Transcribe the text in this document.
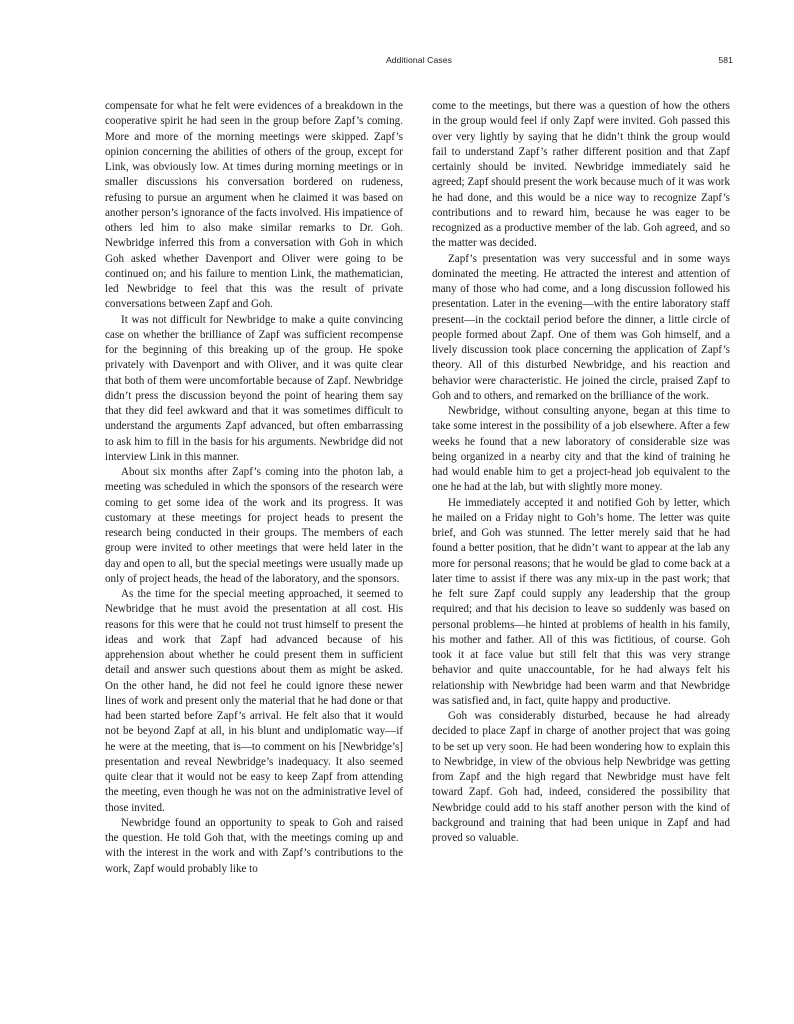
Additional Cases	581

compensate for what he felt were evidences of a breakdown in the cooperative spirit he had seen in the group before Zapf’s coming. More and more of the morning meetings were skipped. Zapf’s opinion concerning the abilities of others of the group, except for Link, was obviously low. At times during morning meetings or in smaller discussions his conversation bordered on rudeness, refusing to pursue an argument when he claimed it was based on another person’s ignorance of the facts involved. His impatience of others led him to also make similar remarks to Dr. Goh. Newbridge inferred this from a conversation with Goh in which Goh asked whether Davenport and Oliver were going to be continued on; and his failure to mention Link, the mathematician, led Newbridge to feel that this was the result of private conversations between Zapf and Goh.

It was not difficult for Newbridge to make a quite convincing case on whether the brilliance of Zapf was sufficient recompense for the beginning of this breaking up of the group. He spoke privately with Davenport and with Oliver, and it was quite clear that both of them were uncomfortable because of Zapf. Newbridge didn’t press the discussion beyond the point of hearing them say that they did feel awkward and that it was sometimes difficult to understand the arguments Zapf advanced, but often embarrassing to ask him to fill in the basis for his arguments. Newbridge did not interview Link in this manner.

About six months after Zapf’s coming into the photon lab, a meeting was scheduled in which the sponsors of the research were coming to get some idea of the work and its progress. It was customary at these meetings for project heads to present the research being conducted in their groups. The members of each group were invited to other meetings that were held later in the day and open to all, but the special meetings were usually made up only of project heads, the head of the laboratory, and the sponsors.

As the time for the special meeting approached, it seemed to Newbridge that he must avoid the presentation at all cost. His reasons for this were that he could not trust himself to present the ideas and work that Zapf had advanced because of his apprehension about whether he could present them in sufficient detail and answer such questions about them as might be asked. On the other hand, he did not feel he could ignore these newer lines of work and present only the material that he had done or that had been started before Zapf’s arrival. He felt also that it would not be beyond Zapf at all, in his blunt and undiplomatic way—if he were at the meeting, that is—to comment on his [Newbridge’s] presentation and reveal Newbridge’s inadequacy. It also seemed quite clear that it would not be easy to keep Zapf from attending the meeting, even though he was not on the administrative level of those invited.

Newbridge found an opportunity to speak to Goh and raised the question. He told Goh that, with the meetings coming up and with the interest in the work and with Zapf’s contributions to the work, Zapf would probably like to

come to the meetings, but there was a question of how the others in the group would feel if only Zapf were invited. Goh passed this over very lightly by saying that he didn’t think the group would fail to understand Zapf’s rather different position and that Zapf certainly should be invited. Newbridge immediately said he agreed; Zapf should present the work because much of it was work he had done, and this would be a nice way to recognize Zapf’s contributions and to reward him, because he was eager to be recognized as a productive member of the lab. Goh agreed, and so the matter was decided.

Zapf’s presentation was very successful and in some ways dominated the meeting. He attracted the interest and attention of many of those who had come, and a long discussion followed his presentation. Later in the evening—with the entire laboratory staff present—in the cocktail period before the dinner, a little circle of people formed about Zapf. One of them was Goh himself, and a lively discussion took place concerning the application of Zapf’s theory. All of this disturbed Newbridge, and his reaction and behavior were characteristic. He joined the circle, praised Zapf to Goh and to others, and remarked on the brilliance of the work.

Newbridge, without consulting anyone, began at this time to take some interest in the possibility of a job elsewhere. After a few weeks he found that a new laboratory of considerable size was being organized in a nearby city and that the kind of training he had would enable him to get a project-head job equivalent to the one he had at the lab, but with slightly more money.

He immediately accepted it and notified Goh by letter, which he mailed on a Friday night to Goh’s home. The letter was quite brief, and Goh was stunned. The letter merely said that he had found a better position, that he didn’t want to appear at the lab any more for personal reasons; that he would be glad to come back at a later time to assist if there was any mix-up in the past work; that he felt sure Zapf could supply any leadership that the group required; and that his decision to leave so suddenly was based on personal problems—he hinted at problems of health in his family, his mother and father. All of this was fictitious, of course. Goh took it at face value but still felt that this was very strange behavior and quite unaccountable, for he had always felt his relationship with Newbridge had been warm and that Newbridge was satisfied and, in fact, quite happy and productive.

Goh was considerably disturbed, because he had already decided to place Zapf in charge of another project that was going to be set up very soon. He had been wondering how to explain this to Newbridge, in view of the obvious help Newbridge was getting from Zapf and the high regard that Newbridge must have felt toward Zapf. Goh had, indeed, considered the possibility that Newbridge could add to his staff another person with the kind of background and training that had been unique in Zapf and had proved so valuable.
